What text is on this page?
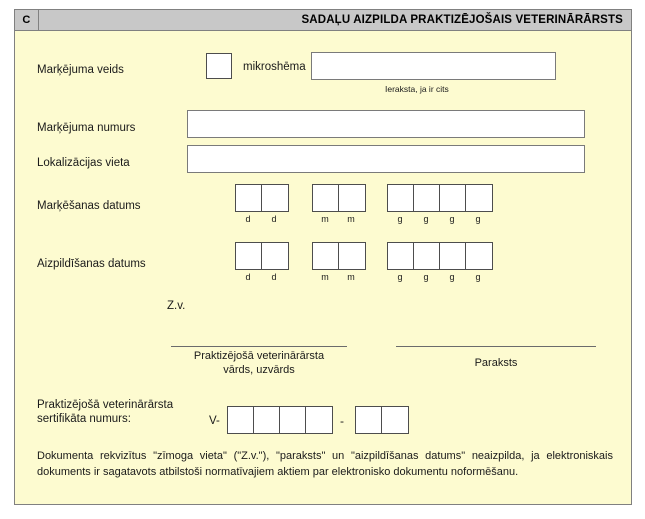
C	SADAĻU AIZPILDA PRAKTIZĒJOŠAIS VETERINĀRĀRSTS
Marķējuma veids	mikroshēma
Ieraksta, ja ir cits
Marķējuma numurs
Lokalizācijas vieta
Marķēšanas datums
d	d	m	m	g	g	g	g
Aizpildīšanas datums
d	d	m	m	g	g	g	g
Z.v.
Praktizējošā veterinārārsta
vārds, uzvārds
Paraksts
Praktizējošā veterinārārsta
sertifikāta numurs:	V-	-
Dokumenta rekvizītus "zīmoga vieta" ("Z.v."), "paraksts" un "aizpildīšanas datums" neaizpilda, ja elektroniskais dokuments ir sagatavots atbilstoši normatīvajiem aktiem par elektronisko dokumentu noformēšanu.
